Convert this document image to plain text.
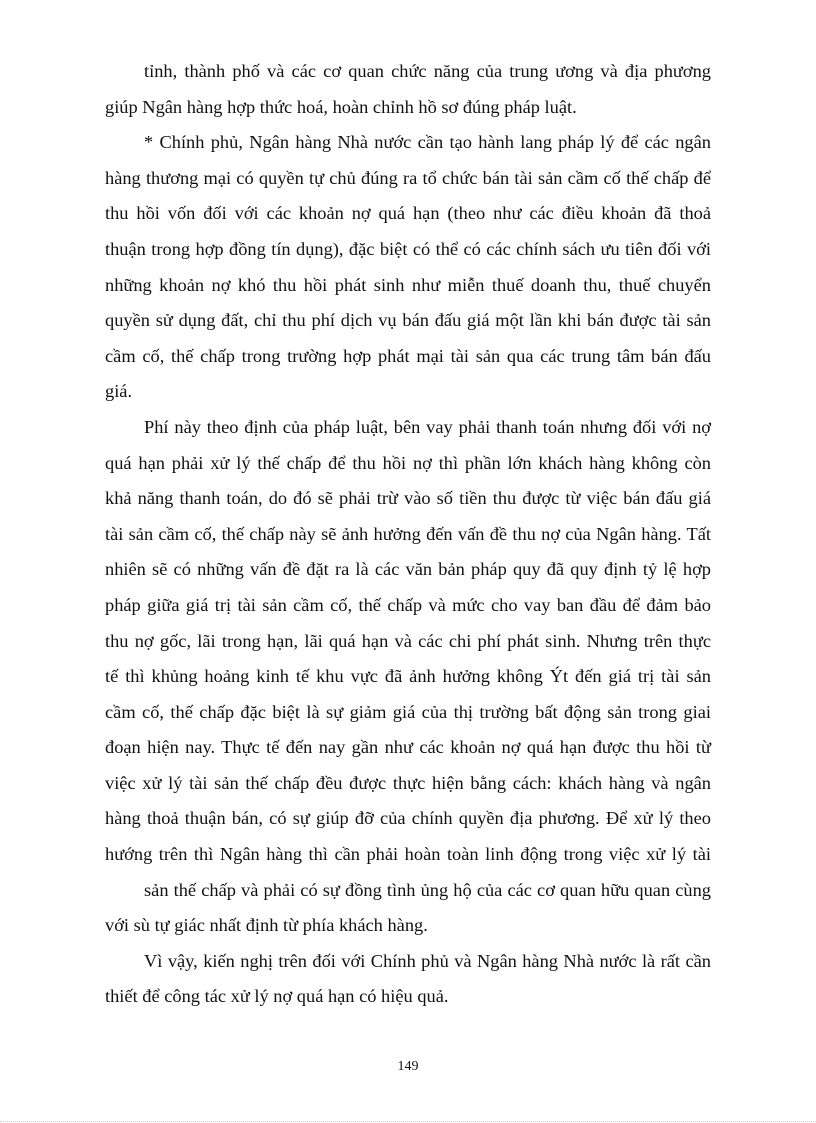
tỉnh, thành phố và các cơ quan chức năng của trung ương và địa phương
giúp Ngân hàng hợp thức hoá, hoàn chỉnh hồ sơ đúng pháp luật.
* Chính phủ, Ngân hàng Nhà nước cần tạo hành lang pháp lý để các ngân
hàng thương mại có quyền tự chủ đúng ra tổ chức bán tài sản cầm cố thế chấp để
thu hồi vốn đối với các khoản nợ quá hạn (theo như các điều khoản đã thoả
thuận trong hợp đồng tín dụng), đặc biệt có thể có các chính sách ưu tiên đối với
những khoản nợ khó thu hồi phát sinh như miễn thuế doanh thu, thuế chuyển
quyền sử dụng đất, chỉ thu phí dịch vụ bán đấu giá một lần khi bán được tài sản
cầm cố, thế chấp trong trường hợp phát mại tài sản qua các trung tâm bán đấu
giá.
Phí này theo định của pháp luật, bên vay phải thanh toán nhưng đối với nợ
quá hạn phải xử lý thế chấp để thu hồi nợ thì phần lớn khách hàng không còn
khả năng thanh toán, do đó sẽ phải trừ vào số tiền thu được từ việc bán đấu giá
tài sản cầm cố, thế chấp này sẽ ảnh hưởng đến vấn đề thu nợ của Ngân hàng. Tất
nhiên sẽ có những vấn đề đặt ra là các văn bản pháp quy đã quy định tỷ lệ hợp
pháp giữa giá trị tài sản cầm cố, thế chấp và mức cho vay ban đầu để đảm bảo
thu nợ gốc, lãi trong hạn, lãi quá hạn và các chi phí phát sinh. Nhưng trên thực
tế thì khủng hoảng kinh tế khu vực đã ảnh hưởng không Ýt đến giá trị tài sản
cầm cố, thế chấp đặc biệt là sự giảm giá của thị trường bất động sản trong giai
đoạn hiện nay. Thực tế đến nay gần như các khoản nợ quá hạn được thu hồi từ
việc xử lý tài sản thế chấp đều được thực hiện bằng cách: khách hàng và ngân
hàng thoả thuận bán, có sự giúp đỡ của chính quyền địa phương. Để xử lý theo
hướng trên thì Ngân hàng thì cần phải hoàn toàn linh động trong việc xử lý tài
sản thế chấp và phải có sự đồng tình ủng hộ của các cơ quan hữu quan cùng
với sù tự giác nhất định từ phía khách hàng.
Vì vậy, kiến nghị trên đối với Chính phủ và Ngân hàng Nhà nước là rất cần
thiết để công tác xử lý nợ quá hạn có hiệu quả.
149
